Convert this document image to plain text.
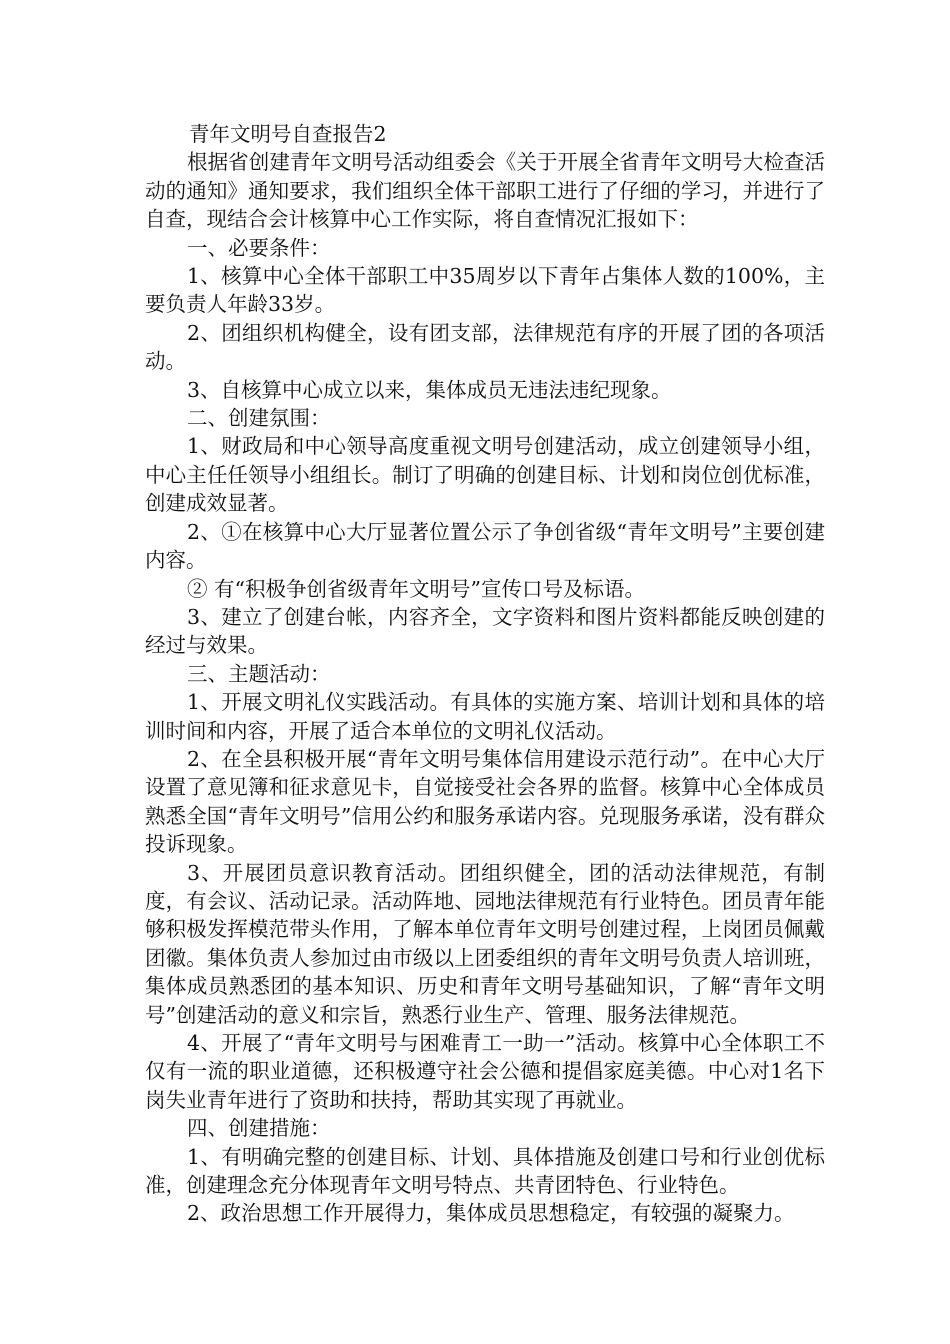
青年文明号自查报告2

根据省创建青年文明号活动组委会《关于开展全省青年文明号大检查活动的通知》通知要求，我们组织全体干部职工进行了仔细的学习，并进行了自查，现结合会计核算中心工作实际，将自查情况汇报如下：

一、必要条件：

1、核算中心全体干部职工中35周岁以下青年占集体人数的100%，主要负责人年龄33岁。

2、团组织机构健全，设有团支部，法律规范有序的开展了团的各项活动。

3、自核算中心成立以来，集体成员无违法违纪现象。

二、创建氛围：

1、财政局和中心领导高度重视文明号创建活动，成立创建领导小组，中心主任任领导小组组长。制订了明确的创建目标、计划和岗位创优标准，创建成效显著。

2、①在核算中心大厅显著位置公示了争创省级“青年文明号”主要创建内容。

② 有“积极争创省级青年文明号”宣传口号及标语。

3、建立了创建台帐，内容齐全，文字资料和图片资料都能反映创建的经过与效果。

三、主题活动：

1、开展文明礼仪实践活动。有具体的实施方案、培训计划和具体的培训时间和内容，开展了适合本单位的文明礼仪活动。

2、在全县积极开展“青年文明号集体信用建设示范行动”。在中心大厅设置了意见簿和征求意见卡，自觉接受社会各界的监督。核算中心全体成员熟悉全国“青年文明号”信用公约和服务承诺内容。兑现服务承诺，没有群众投诉现象。

3、开展团员意识教育活动。团组织健全，团的活动法律规范，有制度，有会议、活动记录。活动阵地、园地法律规范有行业特色。团员青年能够积极发挥模范带头作用，了解本单位青年文明号创建过程，上岗团员佩戴团徽。集体负责人参加过由市级以上团委组织的青年文明号负责人培训班，集体成员熟悉团的基本知识、历史和青年文明号基础知识，了解“青年文明号”创建活动的意义和宗旨，熟悉行业生产、管理、服务法律规范。

4、开展了“青年文明号与困难青工一助一”活动。核算中心全体职工不仅有一流的职业道德，还积极遵守社会公德和提倡家庭美德。中心对1名下岗失业青年进行了资助和扶持，帮助其实现了再就业。

四、创建措施：

1、有明确完整的创建目标、计划、具体措施及创建口号和行业创优标准，创建理念充分体现青年文明号特点、共青团特色、行业特色。

2、政治思想工作开展得力，集体成员思想稳定，有较强的凝聚力。
